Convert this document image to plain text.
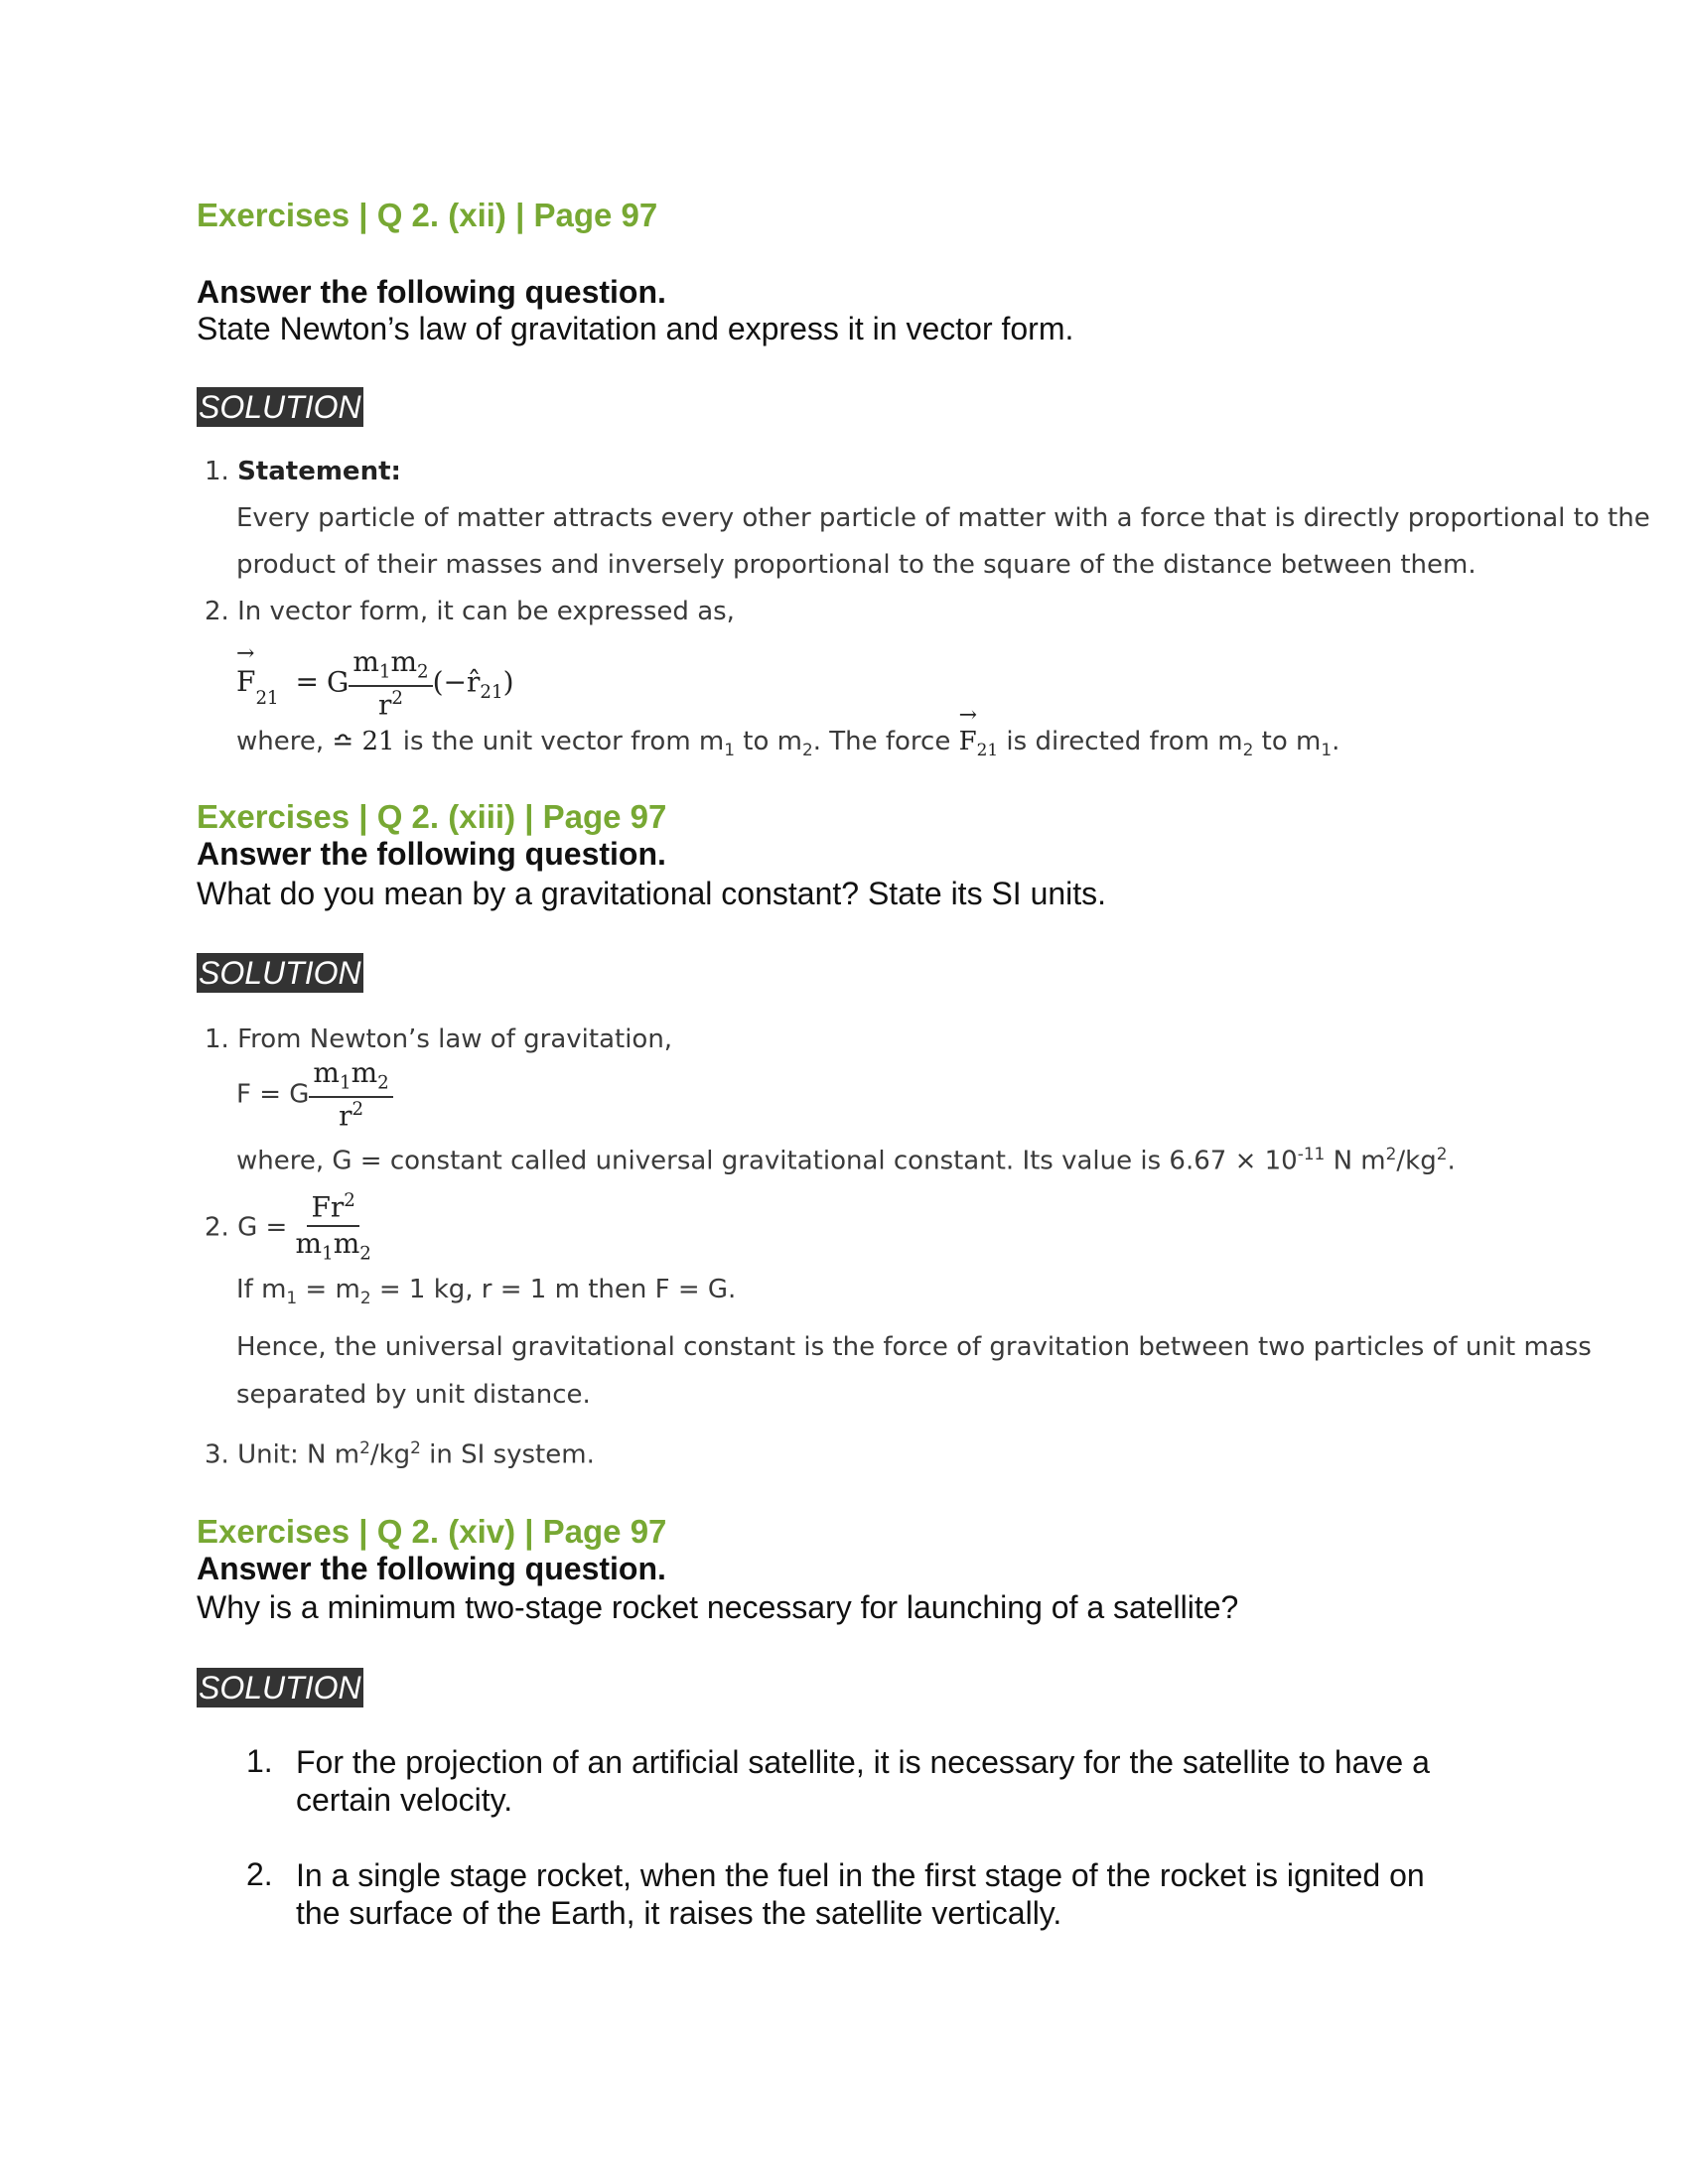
Exercises | Q 2. (xii) | Page 97
Answer the following question.
State Newton’s law of gravitation and express it in vector form.
SOLUTION
1. Statement:
Every particle of matter attracts every other particle of matter with a force that is directly proportional to the
product of their masses and inversely proportional to the square of the distance between them.
2. In vector form, it can be expressed as,
→ $F_{21} = G \frac{m_1m_2}{r^2}$ $(-r̂_{21})$
where, ≏ 21 is the unit vector from $m_1$ to $m_2$. The force → $F_{21}$ is directed from $m_2$ to $m_1$.
Exercises | Q 2. (xiii) | Page 97
Answer the following question.
What do you mean by a gravitational constant? State its SI units.
SOLUTION
1. From Newton’s law of gravitation,
F = G $\frac{m_1m_2}{r^2}$
where, G = constant called universal gravitational constant. Its value is $6.67 \times 10^{-11}$ N $m^2/kg^2$.
2. $G = \frac{Fr^2}{m_1m_2}$
If $m_1 = m_2 = 1$ kg, r = 1 m then F = G.
Hence, the universal gravitational constant is the force of gravitation between two particles of unit mass
separated by unit distance.
3. Unit: N $m^2/kg^2$ in SI system.
Exercises | Q 2. (xiv) | Page 97
Answer the following question.
Why is a minimum two-stage rocket necessary for launching of a satellite?
SOLUTION
1. For the projection of an artificial satellite, it is necessary for the satellite to have a
certain velocity.
2. In a single stage rocket, when the fuel in the first stage of the rocket is ignited on
the surface of the Earth, it raises the satellite vertically.
